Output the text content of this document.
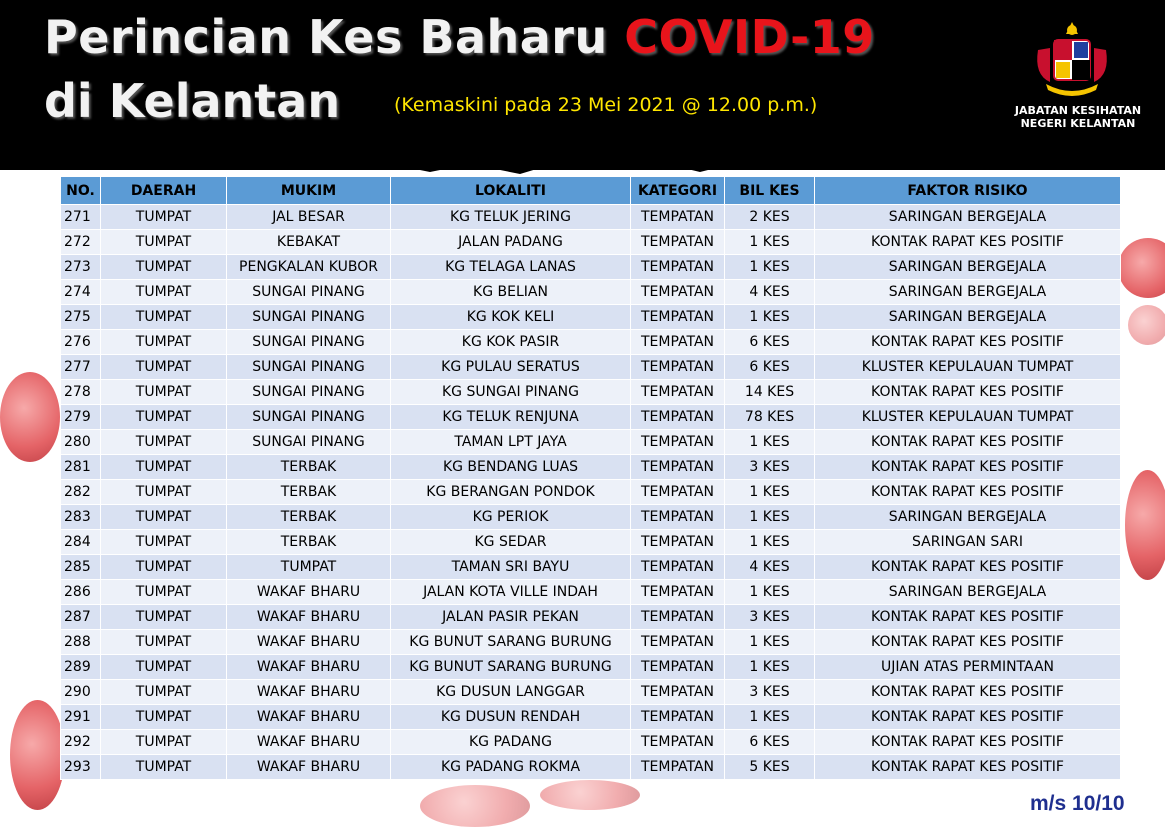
Perincian Kes Baharu COVID-19
di Kelantan	(Kemaskini pada 23 Mei 2021 @ 12.00 p.m.)	JABATAN KESIHATAN
NEGERI KELANTAN
NO.	DAERAH	MUKIM	LOKALITI	KATEGORI	BIL KES	FAKTOR RISIKO
271	TUMPAT	JAL BESAR	KG TELUK JERING	TEMPATAN	2 KES	SARINGAN BERGEJALA
272	TUMPAT	KEBAKAT	JALAN PADANG	TEMPATAN	1 KES	KONTAK RAPAT KES POSITIF
273	TUMPAT	PENGKALAN KUBOR	KG TELAGA LANAS	TEMPATAN	1 KES	SARINGAN BERGEJALA
274	TUMPAT	SUNGAI PINANG	KG BELIAN	TEMPATAN	4 KES	SARINGAN BERGEJALA
275	TUMPAT	SUNGAI PINANG	KG KOK KELI	TEMPATAN	1 KES	SARINGAN BERGEJALA
276	TUMPAT	SUNGAI PINANG	KG KOK PASIR	TEMPATAN	6 KES	KONTAK RAPAT KES POSITIF
277	TUMPAT	SUNGAI PINANG	KG PULAU SERATUS	TEMPATAN	6 KES	KLUSTER KEPULAUAN TUMPAT
278	TUMPAT	SUNGAI PINANG	KG SUNGAI PINANG	TEMPATAN	14 KES	KONTAK RAPAT KES POSITIF
279	TUMPAT	SUNGAI PINANG	KG TELUK RENJUNA	TEMPATAN	78 KES	KLUSTER KEPULAUAN TUMPAT
280	TUMPAT	SUNGAI PINANG	TAMAN LPT JAYA	TEMPATAN	1 KES	KONTAK RAPAT KES POSITIF
281	TUMPAT	TERBAK	KG BENDANG LUAS	TEMPATAN	3 KES	KONTAK RAPAT KES POSITIF
282	TUMPAT	TERBAK	KG BERANGAN PONDOK	TEMPATAN	1 KES	KONTAK RAPAT KES POSITIF
283	TUMPAT	TERBAK	KG PERIOK	TEMPATAN	1 KES	SARINGAN BERGEJALA
284	TUMPAT	TERBAK	KG SEDAR	TEMPATAN	1 KES	SARINGAN SARI
285	TUMPAT	TUMPAT	TAMAN SRI BAYU	TEMPATAN	4 KES	KONTAK RAPAT KES POSITIF
286	TUMPAT	WAKAF BHARU	JALAN KOTA VILLE INDAH	TEMPATAN	1 KES	SARINGAN BERGEJALA
287	TUMPAT	WAKAF BHARU	JALAN PASIR PEKAN	TEMPATAN	3 KES	KONTAK RAPAT KES POSITIF
288	TUMPAT	WAKAF BHARU	KG BUNUT SARANG BURUNG	TEMPATAN	1 KES	KONTAK RAPAT KES POSITIF
289	TUMPAT	WAKAF BHARU	KG BUNUT SARANG BURUNG	TEMPATAN	1 KES	UJIAN ATAS PERMINTAAN
290	TUMPAT	WAKAF BHARU	KG DUSUN LANGGAR	TEMPATAN	3 KES	KONTAK RAPAT KES POSITIF
291	TUMPAT	WAKAF BHARU	KG DUSUN RENDAH	TEMPATAN	1 KES	KONTAK RAPAT KES POSITIF
292	TUMPAT	WAKAF BHARU	KG PADANG	TEMPATAN	6 KES	KONTAK RAPAT KES POSITIF
293	TUMPAT	WAKAF BHARU	KG PADANG ROKMA	TEMPATAN	5 KES	KONTAK RAPAT KES POSITIF
m/s 10/10
